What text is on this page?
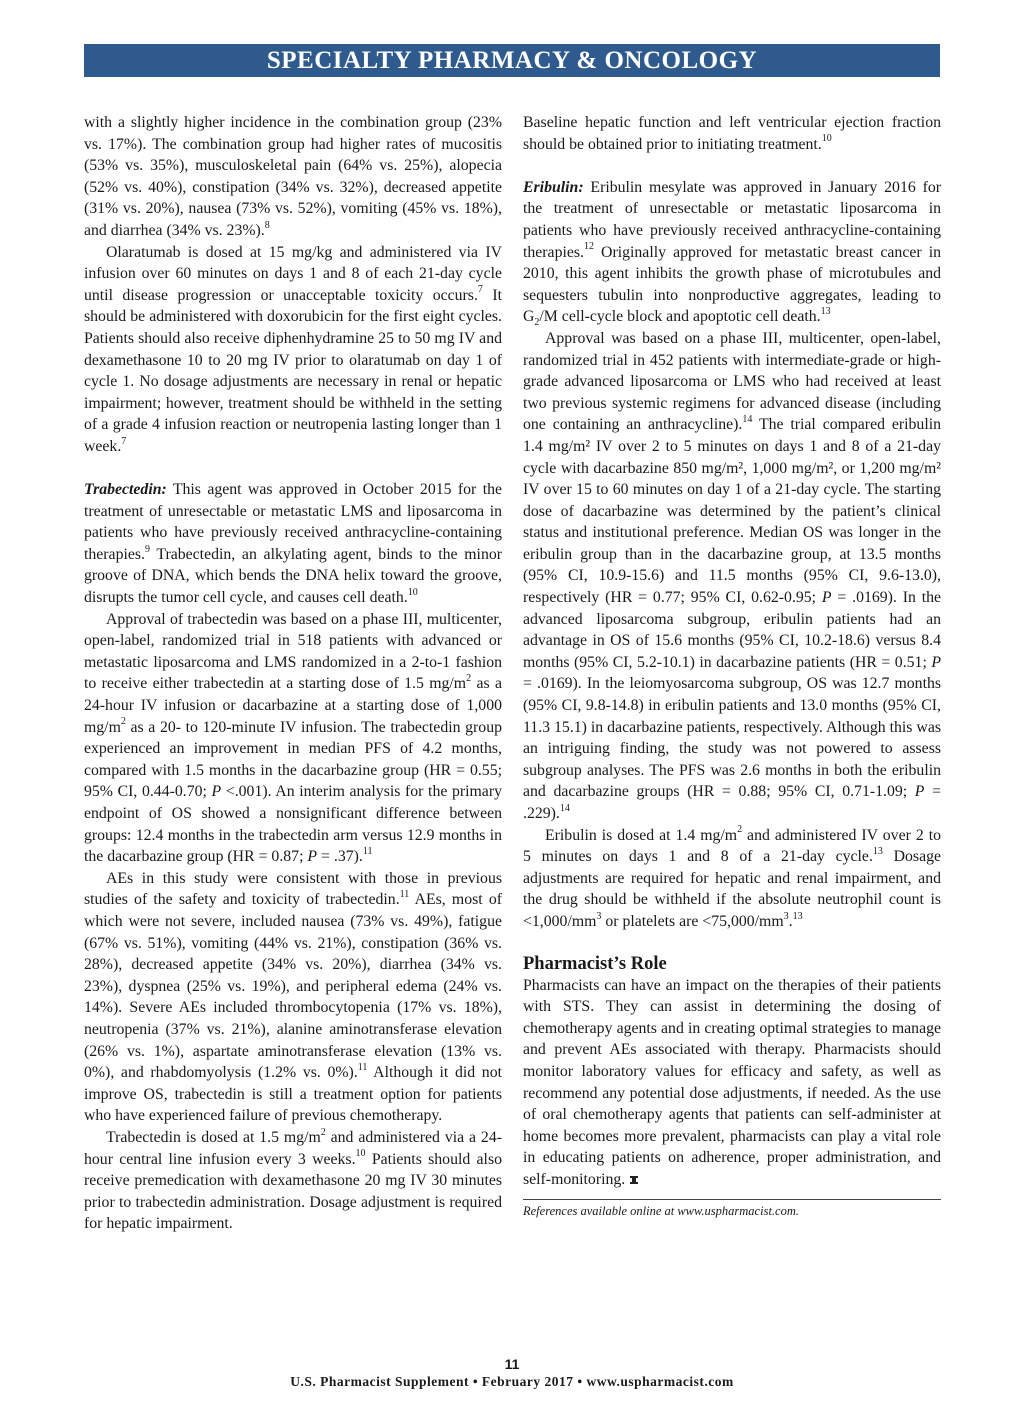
SPECIALTY PHARMACY & ONCOLOGY

with a slightly higher incidence in the combination group (23% vs. 17%). The combination group had higher rates of mucositis (53% vs. 35%), musculoskeletal pain (64% vs. 25%), alopecia (52% vs. 40%), constipation (34% vs. 32%), decreased appetite (31% vs. 20%), nausea (73% vs. 52%), vomiting (45% vs. 18%), and diarrhea (34% vs. 23%).$^8$

Olaratumab is dosed at 15 mg/kg and administered via IV infusion over 60 minutes on days 1 and 8 of each 21-day cycle until disease progression or unacceptable toxicity occurs.$^7$ It should be administered with doxorubicin for the first eight cycles. Patients should also receive diphenhydramine 25 to 50 mg IV and dexamethasone 10 to 20 mg IV prior to olaratumab on day 1 of cycle 1. No dosage adjustments are necessary in renal or hepatic impairment; however, treatment should be withheld in the setting of a grade 4 infusion reaction or neutropenia lasting longer than 1 week.$^7$

Trabectedin: This agent was approved in October 2015 for the treatment of unresectable or metastatic LMS and liposarcoma in patients who have previously received anthracycline-containing therapies.$^9$ Trabectedin, an alkylating agent, binds to the minor groove of DNA, which bends the DNA helix toward the groove, disrupts the tumor cell cycle, and causes cell death.$^{10}$

Approval of trabectedin was based on a phase III, multicenter, open-label, randomized trial in 518 patients with advanced or metastatic liposarcoma and LMS randomized in a 2-to-1 fashion to receive either trabectedin at a starting dose of 1.5 $mg/m^2$ as a 24-hour IV infusion or dacarbazine at a starting dose of 1,000 $mg/m^2$ as a 20- to 120-minute IV infusion. The trabectedin group experienced an improvement in median PFS of 4.2 months, compared with 1.5 months in the dacarbazine group (HR = 0.55; 95% CI, 0.44-0.70; P <.001). An interim analysis for the primary endpoint of OS showed a nonsignificant difference between groups: 12.4 months in the trabectedin arm versus 12.9 months in the dacarbazine group (HR = 0.87; P = .37).$^{11}$

AEs in this study were consistent with those in previous studies of the safety and toxicity of trabectedin.$^{11}$ AEs, most of which were not severe, included nausea (73% vs. 49%), fatigue (67% vs. 51%), vomiting (44% vs. 21%), constipation (36% vs. 28%), decreased appetite (34% vs. 20%), diarrhea (34% vs. 23%), dyspnea (25% vs. 19%), and peripheral edema (24% vs. 14%). Severe AEs included thrombocytopenia (17% vs. 18%), neutropenia (37% vs. 21%), alanine aminotransferase elevation (26% vs. 1%), aspartate aminotransferase elevation (13% vs. 0%), and rhabdomyolysis (1.2% vs. 0%).$^{11}$ Although it did not improve OS, trabectedin is still a treatment option for patients who have experienced failure of previous chemotherapy.

Trabectedin is dosed at 1.5 $mg/m^2$ and administered via a 24-hour central line infusion every 3 weeks.$^{10}$ Patients should also receive premedication with dexamethasone 20 mg IV 30 minutes prior to trabectedin administration. Dosage adjustment is required for hepatic impairment.

Baseline hepatic function and left ventricular ejection fraction should be obtained prior to initiating treatment.$^{10}$

Eribulin: Eribulin mesylate was approved in January 2016 for the treatment of unresectable or metastatic liposarcoma in patients who have previously received anthracycline-containing therapies.$^{12}$ Originally approved for metastatic breast cancer in 2010, this agent inhibits the growth phase of microtubules and sequesters tubulin into nonproductive aggregates, leading to $G_2/M$ cell-cycle block and apoptotic cell death.$^{13}$

Approval was based on a phase III, multicenter, open-label, randomized trial in 452 patients with intermediate-grade or high-grade advanced liposarcoma or LMS who had received at least two previous systemic regimens for advanced disease (including one containing an anthracycline).$^{14}$ The trial compared eribulin 1.4 mg/m² IV over 2 to 5 minutes on days 1 and 8 of a 21-day cycle with dacarbazine 850 mg/m², 1,000 mg/m², or 1,200 mg/m² IV over 15 to 60 minutes on day 1 of a 21-day cycle. The starting dose of dacarbazine was determined by the patient’s clinical status and institutional preference. Median OS was longer in the eribulin group than in the dacarbazine group, at 13.5 months (95% CI, 10.9-15.6) and 11.5 months (95% CI, 9.6-13.0), respectively (HR = 0.77; 95% CI, 0.62-0.95; P = .0169). In the advanced liposarcoma subgroup, eribulin patients had an advantage in OS of 15.6 months (95% CI, 10.2-18.6) versus 8.4 months (95% CI, 5.2-10.1) in dacarbazine patients (HR = 0.51; P = .0169). In the leiomyosarcoma subgroup, OS was 12.7 months (95% CI, 9.8-14.8) in eribulin patients and 13.0 months (95% CI, 11.3 15.1) in dacarbazine patients, respectively. Although this was an intriguing finding, the study was not powered to assess subgroup analyses. The PFS was 2.6 months in both the eribulin and dacarbazine groups (HR = 0.88; 95% CI, 0.71-1.09; P = .229).$^{14}$

Eribulin is dosed at 1.4 $mg/m^2$ and administered IV over 2 to 5 minutes on days 1 and 8 of a 21-day cycle.$^{13}$ Dosage adjustments are required for hepatic and renal impairment, and the drug should be withheld if the absolute neutrophil count is $<1,000/mm^3$ or platelets are $<75,000/mm^3.^{13}$

Pharmacist’s Role

Pharmacists can have an impact on the therapies of their patients with STS. They can assist in determining the dosing of chemotherapy agents and in creating optimal strategies to manage and prevent AEs associated with therapy. Pharmacists should monitor laboratory values for efficacy and safety, as well as recommend any potential dose adjustments, if needed. As the use of oral chemotherapy agents that patients can self-administer at home becomes more prevalent, pharmacists can play a vital role in educating patients on adherence, proper administration, and self-monitoring.

References available online at www.uspharmacist.com.
11
U.S. Pharmacist Supplement • February 2017 • www.uspharmacist.com
